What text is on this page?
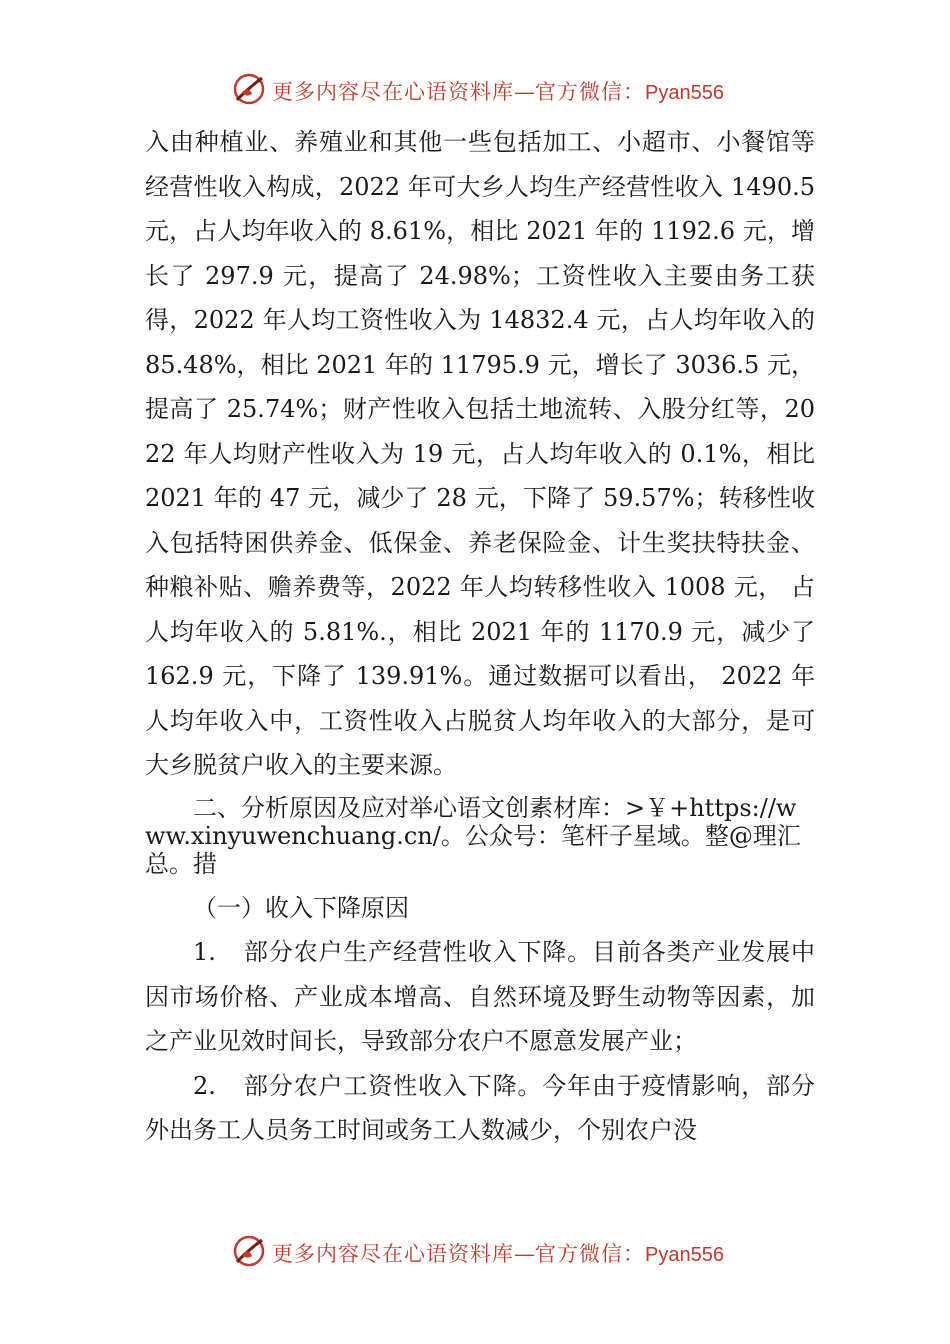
更多内容尽在心语资料库—官方微信：Pyan556

入由种植业、养殖业和其他一些包括加工、小超市、小餐馆等经营性收入构成，2022 年可大乡人均生产经营性收入 1490.5 元，占人均年收入的 8.61%，相比 2021 年的 1192.6 元，增长了 297.9 元，提高了 24.98%；工资性收入主要由务工获得，2022 年人均工资性收入为 14832.4 元，占人均年收入的 85.48%，相比 2021 年的 11795.9 元，增长了 3036.5 元，提高了 25.74%；财产性收入包括土地流转、入股分红等，2022 年人均财产性收入为 19 元，占人均年收入的 0.1%，相比 2021 年的 47 元，减少了 28 元，下降了 59.57%；转移性收入包括特困供养金、低保金、养老保险金、计生奖扶特扶金、种粮补贴、赡养费等，2022 年人均转移性收入 1008 元， 占人均年收入的 5.81%.，相比 2021 年的 1170.9 元，减少了 162.9 元，下降了 139.91%。通过数据可以看出， 2022 年人均年收入中，工资性收入占脱贫人均年收入的大部分，是可大乡脱贫户收入的主要来源。

二、分析原因及应对举心语文创素材库：>￥+https://www.xinyuwenchuang.cn/。公众号：笔杆子星域。整@理汇总。措
（一）收入下降原因
1. 部分农户生产经营性收入下降。目前各类产业发展中因市场价格、产业成本增高、自然环境及野生动物等因素，加之产业见效时间长，导致部分农户不愿意发展产业；
2. 部分农户工资性收入下降。今年由于疫情影响，部分外出务工人员务工时间或务工人数减少，个别农户没
更多内容尽在心语资料库—官方微信：Pyan556
